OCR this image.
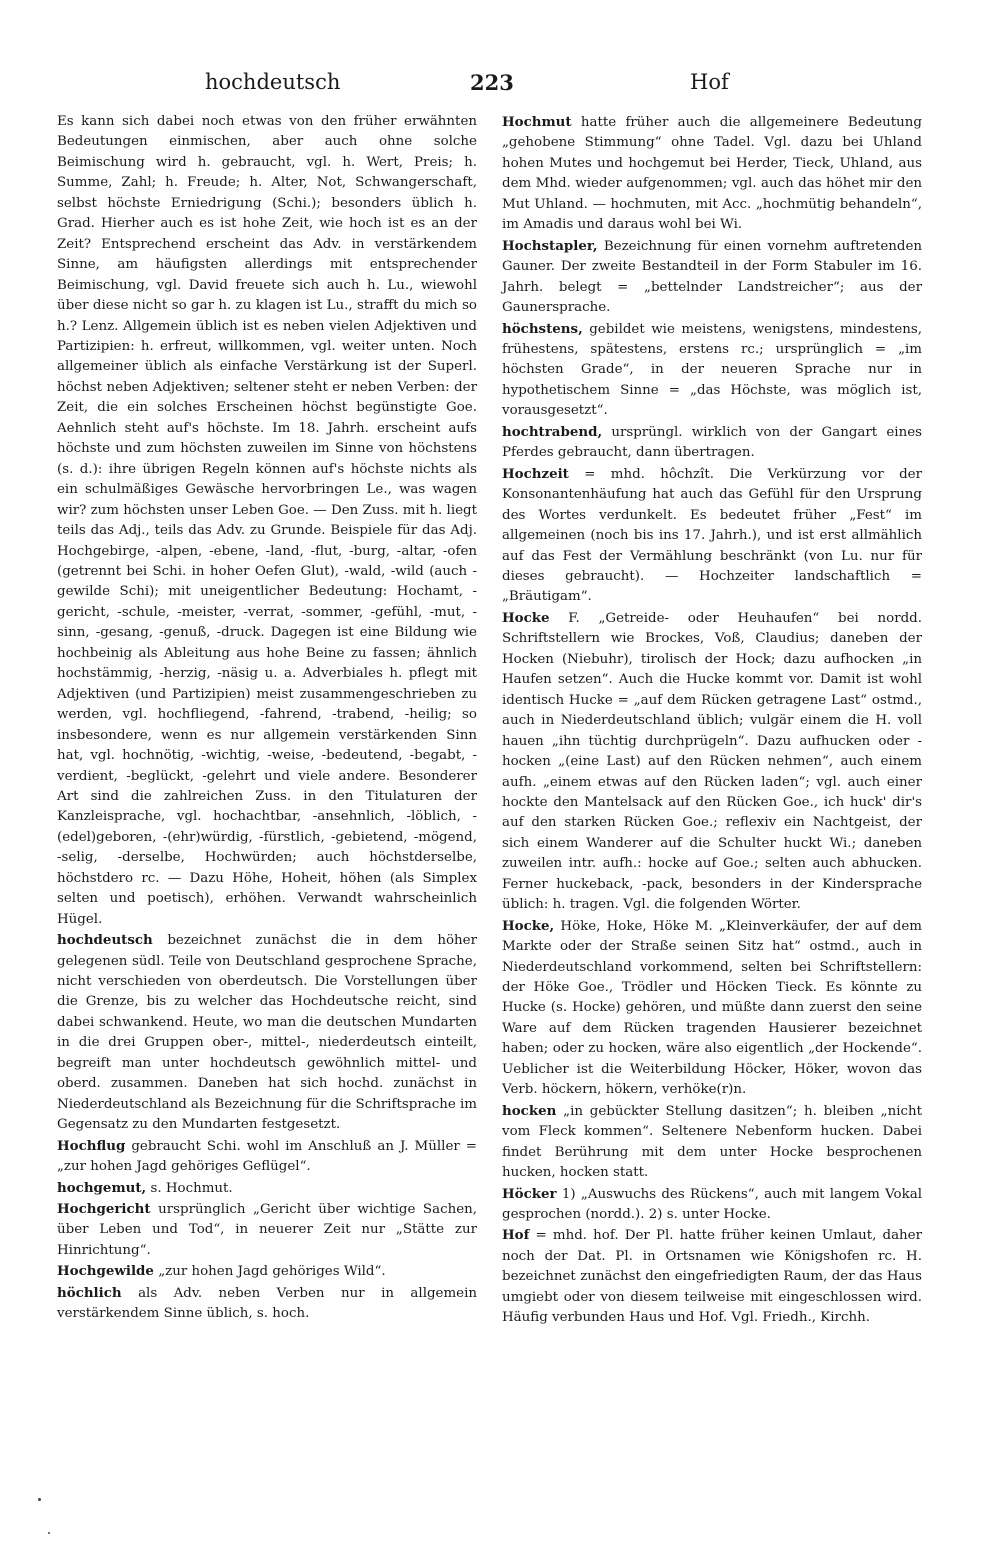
hochdeutsch	223	Hof

Es kann sich dabei noch etwas von den früher erwähnten Bedeutungen einmischen, aber auch ohne solche Beimischung wird h. gebraucht, vgl. h. Wert, Preis; h. Summe, Zahl; h. Freude; h. Alter, Not, Schwangerschaft, selbst höchste Erniedrigung (Schi.); besonders üblich h. Grad. Hierher auch es ist hohe Zeit, wie hoch ist es an der Zeit? Entsprechend erscheint das Adv. in verstärkendem Sinne, am häufigsten allerdings mit entsprechender Beimischung, vgl. David freuete sich auch h. Lu., wiewohl über diese nicht so gar h. zu klagen ist Lu., strafft du mich so h.? Lenz. Allgemein üblich ist es neben vielen Adjektiven und Partizipien: h. erfreut, willkommen, vgl. weiter unten. Noch allgemeiner üblich als einfache Verstärkung ist der Superl. höchst neben Adjektiven; seltener steht er neben Verben: der Zeit, die ein solches Erscheinen höchst begünstigte Goe. Aehnlich steht auf's höchste. Im 18. Jahrh. erscheint aufs höchste und zum höchsten zuweilen im Sinne von höchstens (s. d.): ihre übrigen Regeln können auf's höchste nichts als ein schulmäßiges Gewäsche hervorbringen Le., was wagen wir? zum höchsten unser Leben Goe. — Den Zuss. mit h. liegt teils das Adj., teils das Adv. zu Grunde. Beispiele für das Adj. Hochgebirge, -alpen, -ebene, -land, -flut, -burg, -altar, -ofen (getrennt bei Schi. in hoher Oefen Glut), -wald, -wild (auch -gewilde Schi); mit uneigentlicher Bedeutung: Hochamt, -gericht, -schule, -meister, -verrat, -sommer, -gefühl, -mut, -sinn, -gesang, -genuß, -druck. Dagegen ist eine Bildung wie hochbeinig als Ableitung aus hohe Beine zu fassen; ähnlich hochstämmig, -herzig, -näsig u. a. Adverbiales h. pflegt mit Adjektiven (und Partizipien) meist zusammengeschrieben zu werden, vgl. hochfliegend, -fahrend, -trabend, -heilig; so insbesondere, wenn es nur allgemein verstärkenden Sinn hat, vgl. hochnötig, -wichtig, -weise, -bedeutend, -begabt, -verdient, -beglückt, -gelehrt und viele andere. Besonderer Art sind die zahlreichen Zuss. in den Titulaturen der Kanzleisprache, vgl. hochachtbar, -ansehnlich, -löblich, -(edel)geboren, -(ehr)würdig, -fürstlich, -gebietend, -mögend, -selig, -derselbe, Hochwürden; auch höchstderselbe, höchstdero rc. — Dazu Höhe, Hoheit, höhen (als Simplex selten und poetisch), erhöhen. Verwandt wahrscheinlich Hügel.

hochdeutsch bezeichnet zunächst die in dem höher gelegenen südl. Teile von Deutschland gesprochene Sprache, nicht verschieden von oberdeutsch. Die Vorstellungen über die Grenze, bis zu welcher das Hochdeutsche reicht, sind dabei schwankend. Heute, wo man die deutschen Mundarten in die drei Gruppen ober-, mittel-, niederdeutsch einteilt, begreift man unter hochdeutsch gewöhnlich mittel- und oberd. zusammen. Daneben hat sich hochd. zunächst in Niederdeutschland als Bezeichnung für die Schriftsprache im Gegensatz zu den Mundarten festgesetzt.

Hochflug gebraucht Schi. wohl im Anschluß an J. Müller = „zur hohen Jagd gehöriges Geflügel“.

hochgemut, s. Hochmut.

Hochgericht ursprünglich „Gericht über wichtige Sachen, über Leben und Tod“, in neuerer Zeit nur „Stätte zur Hinrichtung“.

Hochgewilde „zur hohen Jagd gehöriges Wild“.

höchlich als Adv. neben Verben nur in allgemein verstärkendem Sinne üblich, s. hoch.

Hochmut hatte früher auch die allgemeinere Bedeutung „gehobene Stimmung“ ohne Tadel. Vgl. dazu bei Uhland hohen Mutes und hochgemut bei Herder, Tieck, Uhland, aus dem Mhd. wieder aufgenommen; vgl. auch das höhet mir den Mut Uhland. — hochmuten, mit Acc. „hochmütig behandeln“, im Amadis und daraus wohl bei Wi.

Hochstapler, Bezeichnung für einen vornehm auftretenden Gauner. Der zweite Bestandteil in der Form Stabuler im 16. Jahrh. belegt = „bettelnder Landstreicher“; aus der Gaunersprache.

höchstens, gebildet wie meistens, wenigstens, mindestens, frühestens, spätestens, erstens rc.; ursprünglich = „im höchsten Grade“, in der neueren Sprache nur in hypothetischem Sinne = „das Höchste, was möglich ist, vorausgesetzt“.

hochtrabend, ursprüngl. wirklich von der Gangart eines Pferdes gebraucht, dann übertragen.

Hochzeit = mhd. hôchzît. Die Verkürzung vor der Konsonantenhäufung hat auch das Gefühl für den Ursprung des Wortes verdunkelt. Es bedeutet früher „Fest“ im allgemeinen (noch bis ins 17. Jahrh.), und ist erst allmählich auf das Fest der Vermählung beschränkt (von Lu. nur für dieses gebraucht). — Hochzeiter landschaftlich = „Bräutigam“.

Hocke F. „Getreide- oder Heuhaufen“ bei nordd. Schriftstellern wie Brockes, Voß, Claudius; daneben der Hocken (Niebuhr), tirolisch der Hock; dazu aufhocken „in Haufen setzen“. Auch die Hucke kommt vor. Damit ist wohl identisch Hucke = „auf dem Rücken getragene Last“ ostmd., auch in Niederdeutschland üblich; vulgär einem die H. voll hauen „ihn tüchtig durchprügeln“. Dazu aufhucken oder -hocken „(eine Last) auf den Rücken nehmen“, auch einem aufh. „einem etwas auf den Rücken laden“; vgl. auch einer hockte den Mantelsack auf den Rücken Goe., ich huck' dir's auf den starken Rücken Goe.; reflexiv ein Nachtgeist, der sich einem Wanderer auf die Schulter huckt Wi.; daneben zuweilen intr. aufh.: hocke auf Goe.; selten auch abhucken. Ferner huckeback, -pack, besonders in der Kindersprache üblich: h. tragen. Vgl. die folgenden Wörter.

Hocke, Höke, Hoke, Höke M. „Kleinverkäufer, der auf dem Markte oder der Straße seinen Sitz hat“ ostmd., auch in Niederdeutschland vorkommend, selten bei Schriftstellern: der Höke Goe., Trödler und Höcken Tieck. Es könnte zu Hucke (s. Hocke) gehören, und müßte dann zuerst den seine Ware auf dem Rücken tragenden Hausierer bezeichnet haben; oder zu hocken, wäre also eigentlich „der Hockende“. Ueblicher ist die Weiterbildung Höcker, Höker, wovon das Verb. höckern, hökern, verhöke(r)n.

hocken „in gebückter Stellung dasitzen“; h. bleiben „nicht vom Fleck kommen“. Seltenere Nebenform hucken. Dabei findet Berührung mit dem unter Hocke besprochenen hucken, hocken statt.

Höcker 1) „Auswuchs des Rückens“, auch mit langem Vokal gesprochen (nordd.). 2) s. unter Hocke.

Hof = mhd. hof. Der Pl. hatte früher keinen Umlaut, daher noch der Dat. Pl. in Ortsnamen wie Königshofen rc. H. bezeichnet zunächst den eingefriedigten Raum, der das Haus umgiebt oder von diesem teilweise mit eingeschlossen wird. Häufig verbunden Haus und Hof. Vgl. Friedh., Kirchh.
